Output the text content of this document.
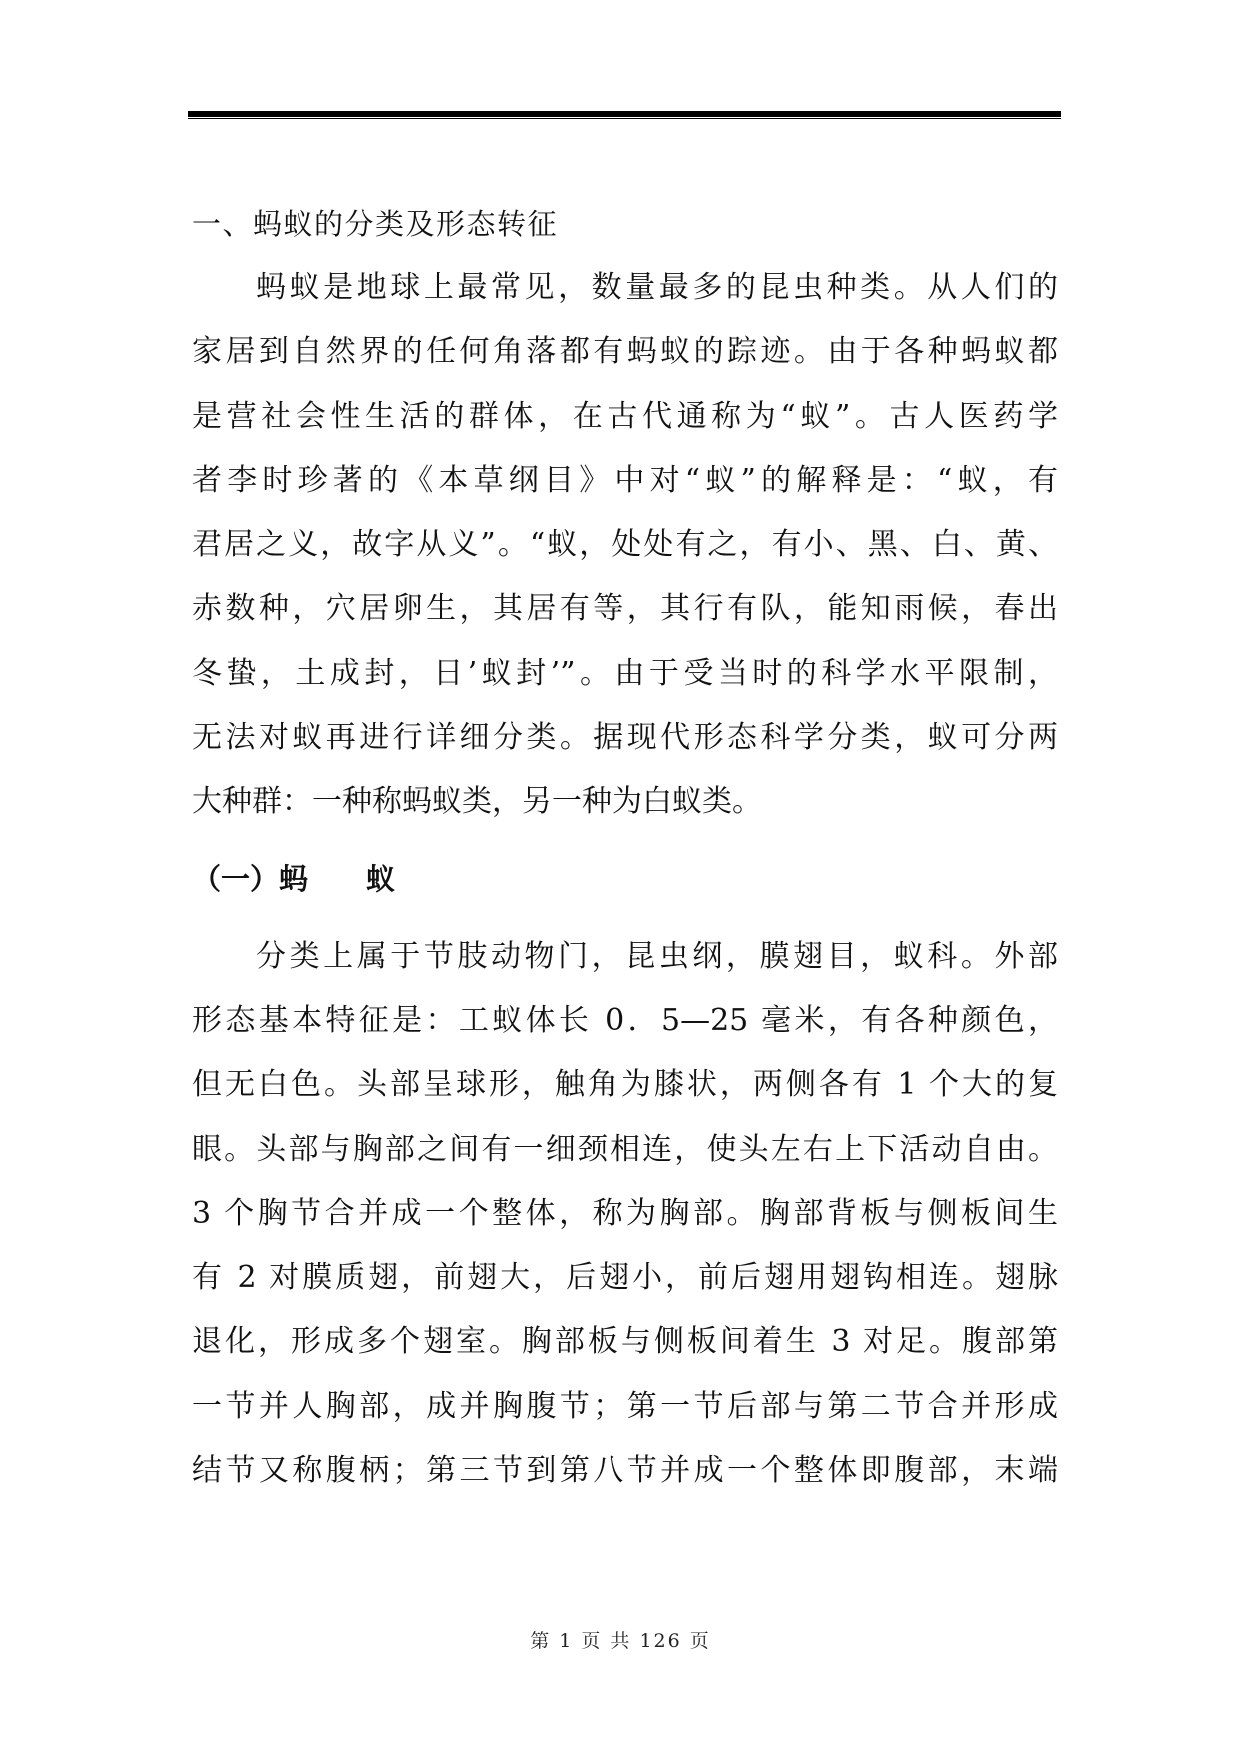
一、蚂蚁的分类及形态转征
蚂蚁是地球上最常见，数量最多的昆虫种类。从人们的
家居到自然界的任何角落都有蚂蚁的踪迹。由于各种蚂蚁都
是营社会性生活的群体，在古代通称为“蚁”。古人医药学
者李时珍著的《本草纲目》中对“蚁”的解释是：“蚁，有
君居之义，故字从义”。“蚁，处处有之，有小、黑、白、黄、
赤数种，穴居卵生，其居有等，其行有队，能知雨候，春出
冬蛰，土成封，日’蚁封’”。由于受当时的科学水平限制，
无法对蚁再进行详细分类。据现代形态科学分类，蚁可分两
大种群：一种称蚂蚁类，另一种为白蚁类。
（一）蚂 蚁
分类上属于节肢动物门，昆虫纲，膜翅目，蚁科。外部
形态基本特征是：工蚁体长 0．5—25 毫米，有各种颜色，
但无白色。头部呈球形，触角为膝状，两侧各有 1 个大的复
眼。头部与胸部之间有一细颈相连，使头左右上下活动自由。
3 个胸节合并成一个整体，称为胸部。胸部背板与侧板间生
有 2 对膜质翅，前翅大，后翅小，前后翅用翅钩相连。翅脉
退化，形成多个翅室。胸部板与侧板间着生 3 对足。腹部第
一节并人胸部，成并胸腹节；第一节后部与第二节合并形成
结节又称腹柄；第三节到第八节并成一个整体即腹部，末端
第 1 页 共 126 页
